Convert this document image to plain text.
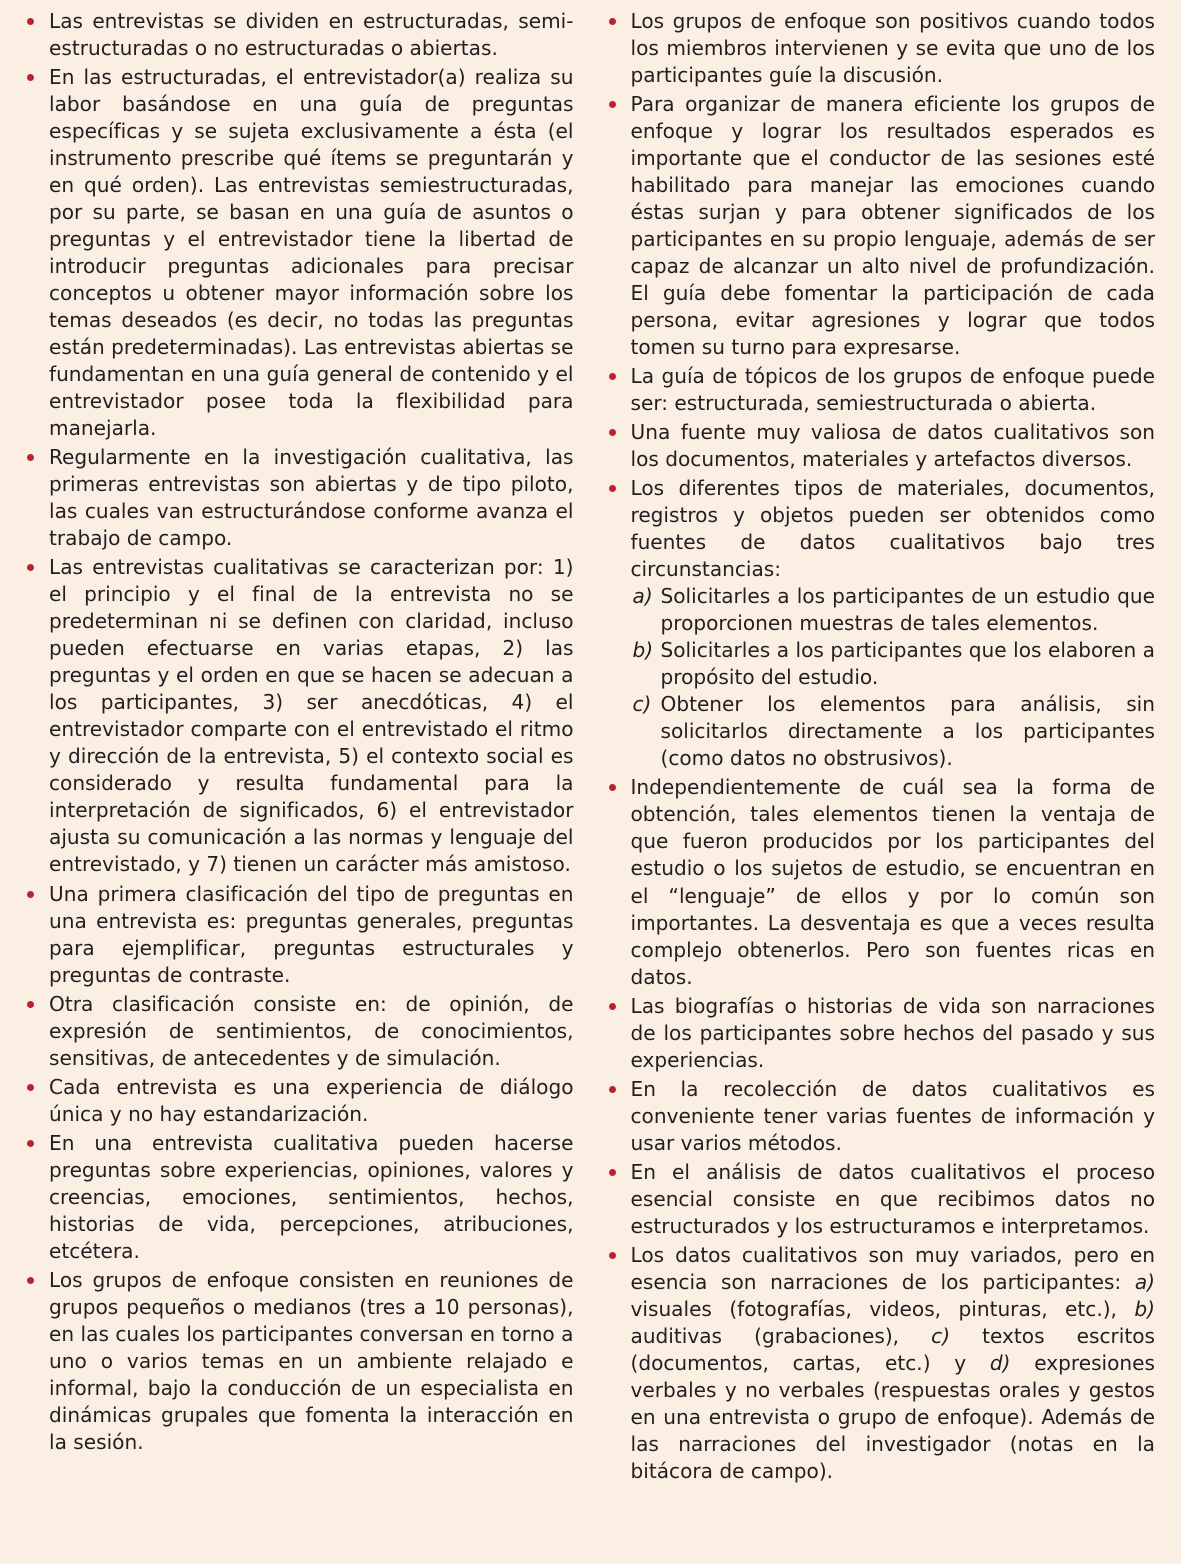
Las entrevistas se dividen en estructuradas, semi-estructuradas o no estructuradas o abiertas.
En las estructuradas, el entrevistador(a) realiza su labor basándose en una guía de preguntas específicas y se sujeta exclusivamente a ésta (el instrumento prescribe qué ítems se preguntarán y en qué orden). Las entrevistas semiestructuradas, por su parte, se basan en una guía de asuntos o preguntas y el entrevistador tiene la libertad de introducir preguntas adicionales para precisar conceptos u obtener mayor información sobre los temas deseados (es decir, no todas las preguntas están predeterminadas). Las entrevistas abiertas se fundamentan en una guía general de contenido y el entrevistador posee toda la flexibilidad para manejarla.
Regularmente en la investigación cualitativa, las primeras entrevistas son abiertas y de tipo piloto, las cuales van estructurándose conforme avanza el trabajo de campo.
Las entrevistas cualitativas se caracterizan por: 1) el principio y el final de la entrevista no se predeterminan ni se definen con claridad, incluso pueden efectuarse en varias etapas, 2) las preguntas y el orden en que se hacen se adecuan a los participantes, 3) ser anecdóticas, 4) el entrevistador comparte con el entrevistado el ritmo y dirección de la entrevista, 5) el contexto social es considerado y resulta fundamental para la interpretación de significados, 6) el entrevistador ajusta su comunicación a las normas y lenguaje del entrevistado, y 7) tienen un carácter más amistoso.
Una primera clasificación del tipo de preguntas en una entrevista es: preguntas generales, preguntas para ejemplificar, preguntas estructurales y preguntas de contraste.
Otra clasificación consiste en: de opinión, de expresión de sentimientos, de conocimientos, sensitivas, de antecedentes y de simulación.
Cada entrevista es una experiencia de diálogo única y no hay estandarización.
En una entrevista cualitativa pueden hacerse preguntas sobre experiencias, opiniones, valores y creencias, emociones, sentimientos, hechos, historias de vida, percepciones, atribuciones, etcétera.
Los grupos de enfoque consisten en reuniones de grupos pequeños o medianos (tres a 10 personas), en las cuales los participantes conversan en torno a uno o varios temas en un ambiente relajado e informal, bajo la conducción de un especialista en dinámicas grupales que fomenta la interacción en la sesión.
Los grupos de enfoque son positivos cuando todos los miembros intervienen y se evita que uno de los participantes guíe la discusión.
Para organizar de manera eficiente los grupos de enfoque y lograr los resultados esperados es importante que el conductor de las sesiones esté habilitado para manejar las emociones cuando éstas surjan y para obtener significados de los participantes en su propio lenguaje, además de ser capaz de alcanzar un alto nivel de profundización. El guía debe fomentar la participación de cada persona, evitar agresiones y lograr que todos tomen su turno para expresarse.
La guía de tópicos de los grupos de enfoque puede ser: estructurada, semiestructurada o abierta.
Una fuente muy valiosa de datos cualitativos son los documentos, materiales y artefactos diversos.
Los diferentes tipos de materiales, documentos, registros y objetos pueden ser obtenidos como fuentes de datos cualitativos bajo tres circunstancias:
a) Solicitarles a los participantes de un estudio que proporcionen muestras de tales elementos.
b) Solicitarles a los participantes que los elaboren a propósito del estudio.
c) Obtener los elementos para análisis, sin solicitarlos directamente a los participantes (como datos no obstrusivos).
Independientemente de cuál sea la forma de obtención, tales elementos tienen la ventaja de que fueron producidos por los participantes del estudio o los sujetos de estudio, se encuentran en el “lenguaje” de ellos y por lo común son importantes. La desventaja es que a veces resulta complejo obtenerlos. Pero son fuentes ricas en datos.
Las biografías o historias de vida son narraciones de los participantes sobre hechos del pasado y sus experiencias.
En la recolección de datos cualitativos es conveniente tener varias fuentes de información y usar varios métodos.
En el análisis de datos cualitativos el proceso esencial consiste en que recibimos datos no estructurados y los estructuramos e interpretamos.
Los datos cualitativos son muy variados, pero en esencia son narraciones de los participantes: a) visuales (fotografías, videos, pinturas, etc.), b) auditivas (grabaciones), c) textos escritos (documentos, cartas, etc.) y d) expresiones verbales y no verbales (respuestas orales y gestos en una entrevista o grupo de enfoque). Además de las narraciones del investigador (notas en la bitácora de campo).
